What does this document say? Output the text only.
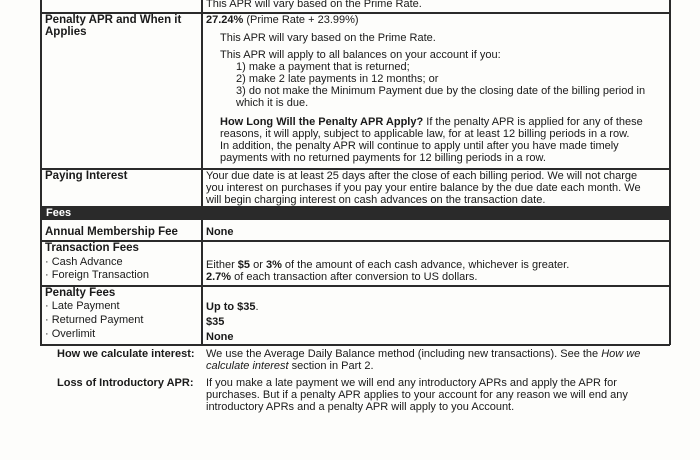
This APR will vary based on the Prime Rate.
Penalty APR and When it
Applies
27.24% (Prime Rate + 23.99%)
This APR will vary based on the Prime Rate.
This APR will apply to all balances on your account if you:
1) make a payment that is returned;
2) make 2 late payments in 12 months; or
3) do not make the Minimum Payment due by the closing date of the billing period in
which it is due.
How Long Will the Penalty APR Apply? If the penalty APR is applied for any of these
reasons, it will apply, subject to applicable law, for at least 12 billing periods in a row.
In addition, the penalty APR will continue to apply until after you have made timely
payments with no returned payments for 12 billing periods in a row.
Paying Interest	Your due date is at least 25 days after the close of each billing period. We will not charge
you interest on purchases if you pay your entire balance by the due date each month. We
will begin charging interest on cash advances on the transaction date.
Fees
Annual Membership Fee	None
Transaction Fees
· Cash Advance
· Foreign Transaction
Either $5 or 3% of the amount of each cash advance, whichever is greater.
2.7% of each transaction after conversion to US dollars.
Penalty Fees
· Late Payment
· Returned Payment
· Overlimit
Up to $35.
$35
None
How we calculate interest: We use the Average Daily Balance method (including new transactions). See the How we
calculate interest section in Part 2.
Loss of Introductory APR: If you make a late payment we will end any introductory APRs and apply the APR for
purchases. But if a penalty APR applies to your account for any reason we will end any
introductory APRs and a penalty APR will apply to you Account.
